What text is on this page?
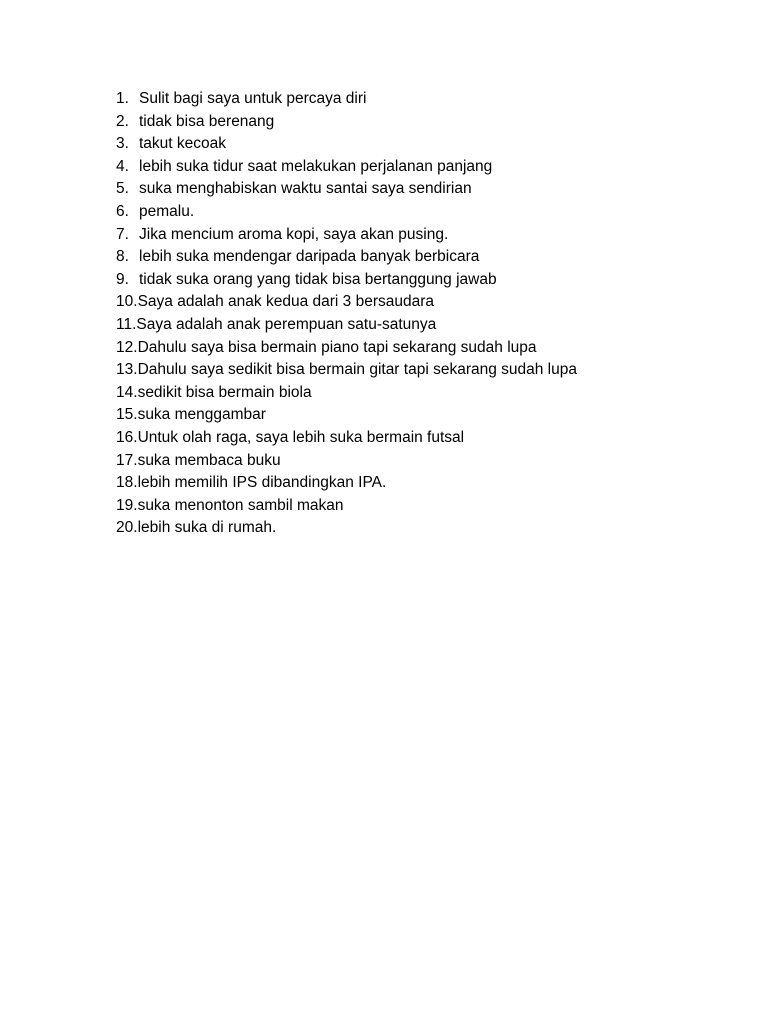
1. Sulit bagi saya untuk percaya diri
2. tidak bisa berenang
3. takut kecoak
4. lebih suka tidur saat melakukan perjalanan panjang
5. suka menghabiskan waktu santai saya sendirian
6. pemalu.
7. Jika mencium aroma kopi, saya akan pusing.
8. lebih suka mendengar daripada banyak berbicara
9. tidak suka orang yang tidak bisa bertanggung jawab
10. Saya adalah anak kedua dari 3 bersaudara
11. Saya adalah anak perempuan satu-satunya
12. Dahulu saya bisa bermain piano tapi sekarang sudah lupa
13. Dahulu saya sedikit bisa bermain gitar tapi sekarang sudah lupa
14. sedikit bisa bermain biola
15. suka menggambar
16. Untuk olah raga, saya lebih suka bermain futsal
17. suka membaca buku
18. lebih memilih IPS dibandingkan IPA.
19. suka menonton sambil makan
20. lebih suka di rumah.
